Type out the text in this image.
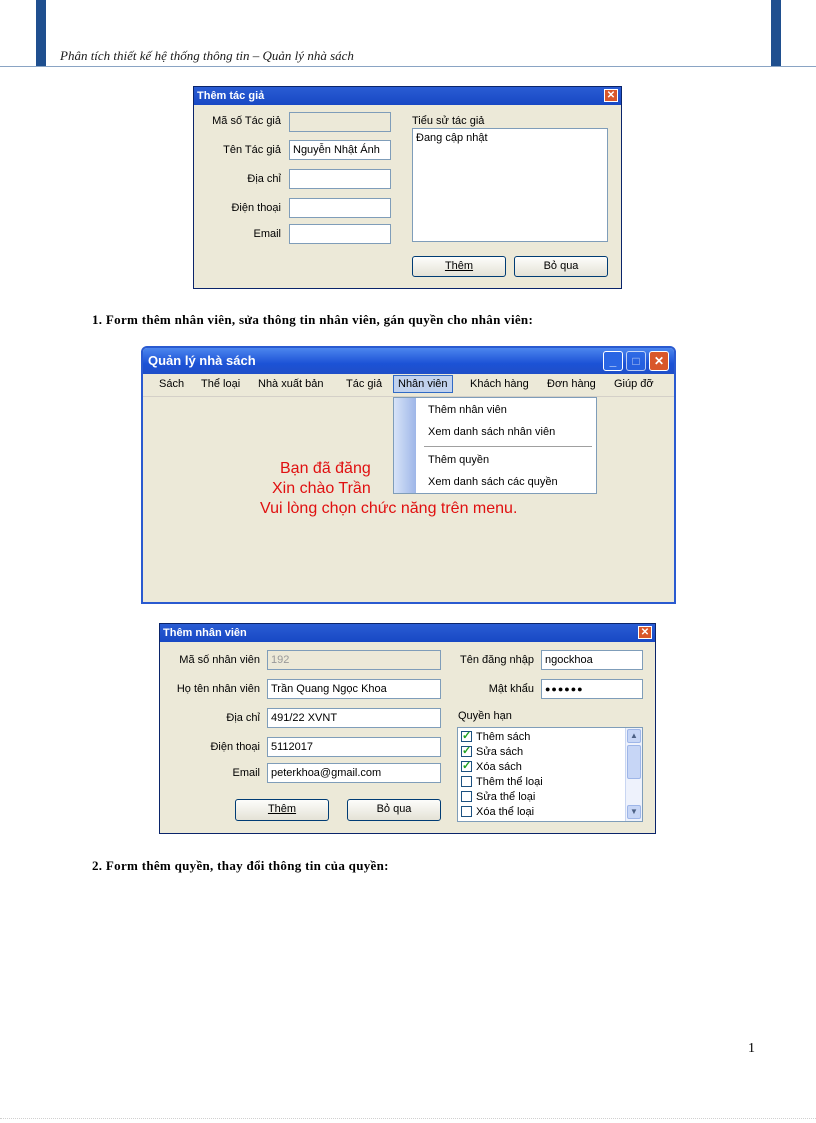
Phân tích thiết kế hệ thống thông tin – Quản lý nhà sách
Thêm tác giả	✕
Mã số Tác giả
Tên Tác giả	Nguyễn Nhật Ánh
Địa chỉ
Điện thoại
Email
Tiểu sử tác giả
Đang cập nhật
Thêm	Bỏ qua
1. Form thêm nhân viên, sửa thông tin nhân viên, gán quyền cho nhân viên:
Quản lý nhà sách	_	□	✕
Sách Thể loại Nhà xuất bản Tác giả	Nhân viên	Khách hàng Đơn hàng Giúp đỡ
Bạn đã đăng
Xin chào Trần
Vui lòng chọn chức năng trên menu.
Thêm nhân viên
Xem danh sách nhân viên
Thêm quyền
Xem danh sách các quyền
Thêm nhân viên	✕
Mã số nhân viên	192
Họ tên nhân viên	Trần Quang Ngọc Khoa
Địa chỉ	491/22 XVNT
Điện thoại	5112017
Email	peterkhoa@gmail.com
Thêm	Bỏ qua
Tên đăng nhập	ngockhoa
Mật khẩu	●●●●●●
Quyền hạn
✓Thêm sách
✓Sửa sách
✓Xóa sách
Thêm thể loại
Sửa thể loại
Xóa thể loại
▲
▼
2. Form thêm quyền, thay đổi thông tin của quyền:
1
